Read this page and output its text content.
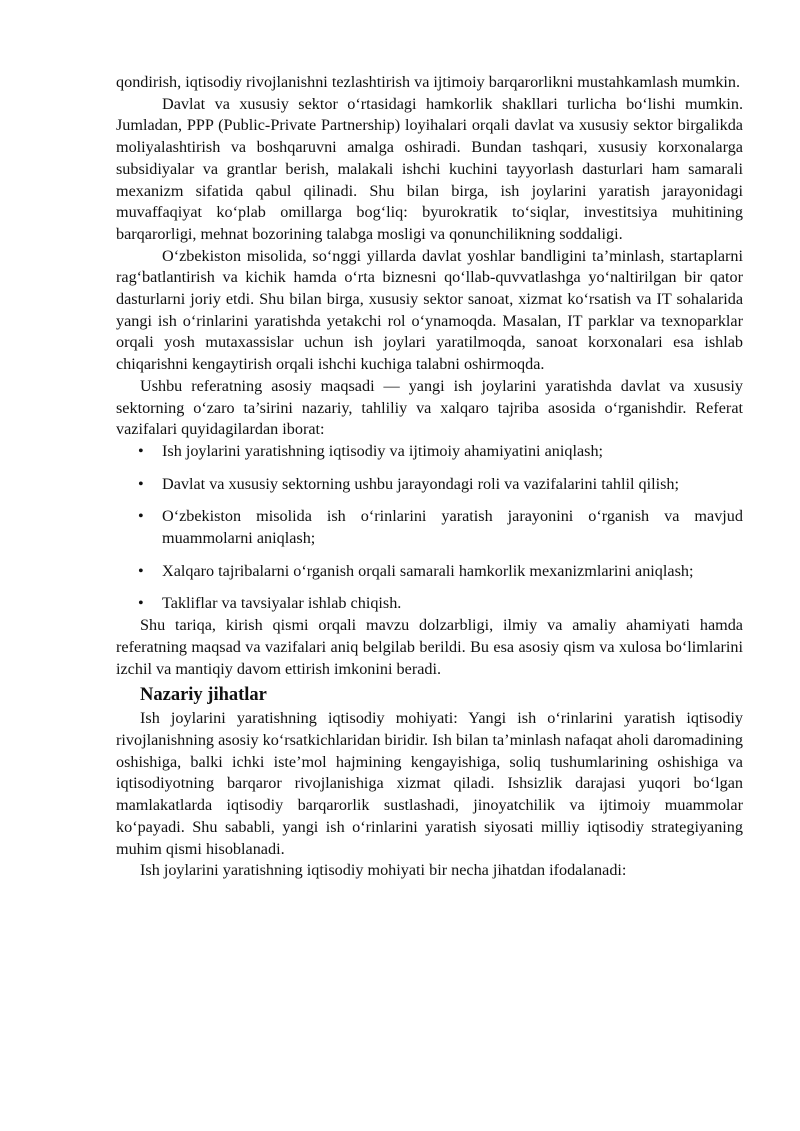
qondirish, iqtisodiy rivojlanishni tezlashtirish va ijtimoiy barqarorlikni mustahkamlash mumkin.

Davlat va xususiy sektor o‘rtasidagi hamkorlik shakllari turlicha bo‘lishi mumkin. Jumladan, PPP (Public-Private Partnership) loyihalari orqali davlat va xususiy sektor birgalikda moliyalashtirish va boshqaruvni amalga oshiradi. Bundan tashqari, xususiy korxonalarga subsidiyalar va grantlar berish, malakali ishchi kuchini tayyorlash dasturlari ham samarali mexanizm sifatida qabul qilinadi. Shu bilan birga, ish joylarini yaratish jarayonidagi muvaffaqiyat ko‘plab omillarga bog‘liq: byurokratik to‘siqlar, investitsiya muhitining barqarorligi, mehnat bozorining talabga mosligi va qonunchilikning soddaligi.

O‘zbekiston misolida, so‘nggi yillarda davlat yoshlar bandligini ta’minlash, startaplarni rag‘batlantirish va kichik hamda o‘rta biznesni qo‘llab-quvvatlashga yo‘naltirilgan bir qator dasturlarni joriy etdi. Shu bilan birga, xususiy sektor sanoat, xizmat ko‘rsatish va IT sohalarida yangi ish o‘rinlarini yaratishda yetakchi rol o‘ynamoqda. Masalan, IT parklar va texnoparklar orqali yosh mutaxassislar uchun ish joylari yaratilmoqda, sanoat korxonalari esa ishlab chiqarishni kengaytirish orqali ishchi kuchiga talabni oshirmoqda.

Ushbu referatning asosiy maqsadi — yangi ish joylarini yaratishda davlat va xususiy sektorning o‘zaro ta’sirini nazariy, tahliliy va xalqaro tajriba asosida o‘rganishdir. Referat vazifalari quyidagilardan iborat:

• Ish joylarini yaratishning iqtisodiy va ijtimoiy ahamiyatini aniqlash;
• Davlat va xususiy sektorning ushbu jarayondagi roli va vazifalarini tahlil qilish;
• O‘zbekiston misolida ish o‘rinlarini yaratish jarayonini o‘rganish va mavjud muammolarni aniqlash;
• Xalqaro tajribalarni o‘rganish orqali samarali hamkorlik mexanizmlarini aniqlash;
• Takliflar va tavsiyalar ishlab chiqish.

Shu tariqa, kirish qismi orqali mavzu dolzarbligi, ilmiy va amaliy ahamiyati hamda referatning maqsad va vazifalari aniq belgilab berildi. Bu esa asosiy qism va xulosa bo‘limlarini izchil va mantiqiy davom ettirish imkonini beradi.

Nazariy jihatlar

Ish joylarini yaratishning iqtisodiy mohiyati: Yangi ish o‘rinlarini yaratish iqtisodiy rivojlanishning asosiy ko‘rsatkichlaridan biridir. Ish bilan ta’minlash nafaqat aholi daromadining oshishiga, balki ichki iste’mol hajmining kengayishiga, soliq tushumlarining oshishiga va iqtisodiyotning barqaror rivojlanishiga xizmat qiladi. Ishsizlik darajasi yuqori bo‘lgan mamlakatlarda iqtisodiy barqarorlik sustlashadi, jinoyatchilik va ijtimoiy muammolar ko‘payadi. Shu sababli, yangi ish o‘rinlarini yaratish siyosati milliy iqtisodiy strategiyaning muhim qismi hisoblanadi.

Ish joylarini yaratishning iqtisodiy mohiyati bir necha jihatdan ifodalanadi:
